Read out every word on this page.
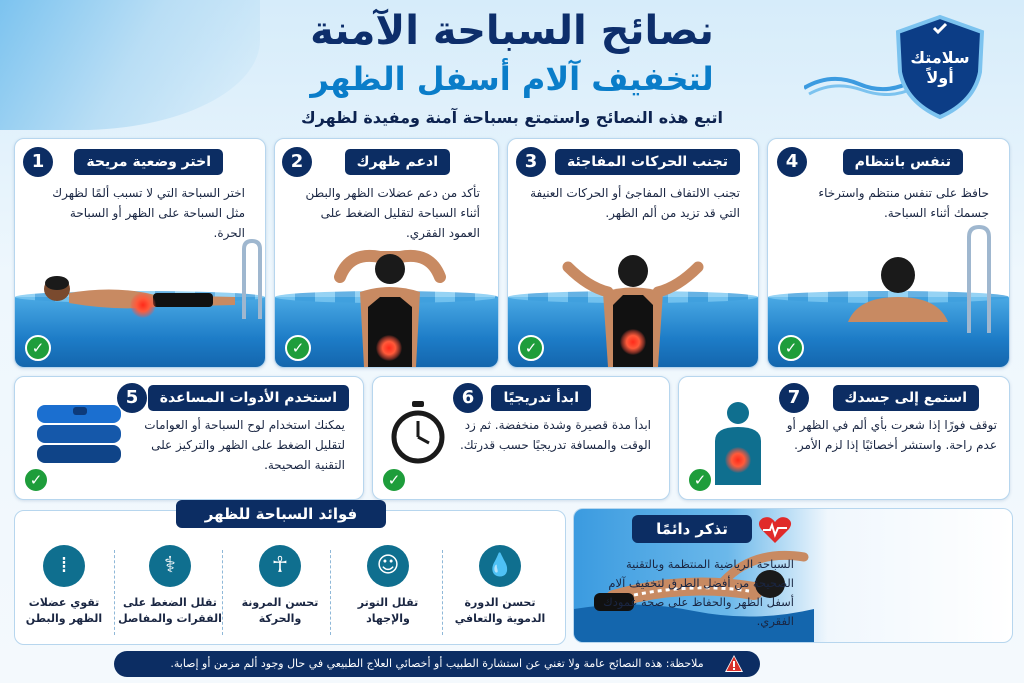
نصائح السباحة الآمنة
لتخفيف آلام أسفل الظهر
اتبع هذه النصائح واستمتع بسباحة آمنة ومفيدة لظهرك
سلامتك أولاً
1	اختر وضعية مريحة
اختر السباحة التي لا تسبب ألمًا لظهرك مثل السباحة على الظهر أو السباحة الحرة.
✓
2	ادعم ظهرك
تأكد من دعم عضلات الظهر والبطن أثناء السباحة لتقليل الضغط على العمود الفقري.
✓
3	تجنب الحركات المفاجئة
تجنب الالتفاف المفاجئ أو الحركات العنيفة التي قد تزيد من ألم الظهر.
✓
4	تنفس بانتظام
حافظ على تنفس منتظم واسترخاء جسمك أثناء السباحة.
✓
5	استخدم الأدوات المساعدة
يمكنك استخدام لوح السباحة أو العوامات لتقليل الضغط على الظهر والتركيز على التقنية الصحيحة.
✓
6	ابدأ تدريجيًا
ابدأ مدة قصيرة وشدة منخفضة. ثم زد الوقت والمسافة تدريجيًا حسب قدرتك.
✓
7	استمع إلى جسدك
توقف فورًا إذا شعرت بأي ألم في الظهر أو عدم راحة. واستشر أخصائيًا إذا لزم الأمر.
✓
فوائد السباحة للظهر
💧
تحسن الدورة الدموية والتعافي
☺
تقلل التوتر والإجهاد
☥
تحسن المرونة والحركة
⚕
تقلل الضغط على الفقرات والمفاصل
⁞
تقوي عضلات الظهر والبطن
تذكر دائمًا
السباحة الرياضية المنتظمة وبالتقنية الصحيحة من أفضل الطرق لتخفيف آلام أسفل الظهر والحفاظ على صحة عمودك الفقري.
ملاحظة: هذه النصائح عامة ولا تغني عن استشارة الطبيب أو أخصائي العلاج الطبيعي في حال وجود ألم مزمن أو إصابة.
